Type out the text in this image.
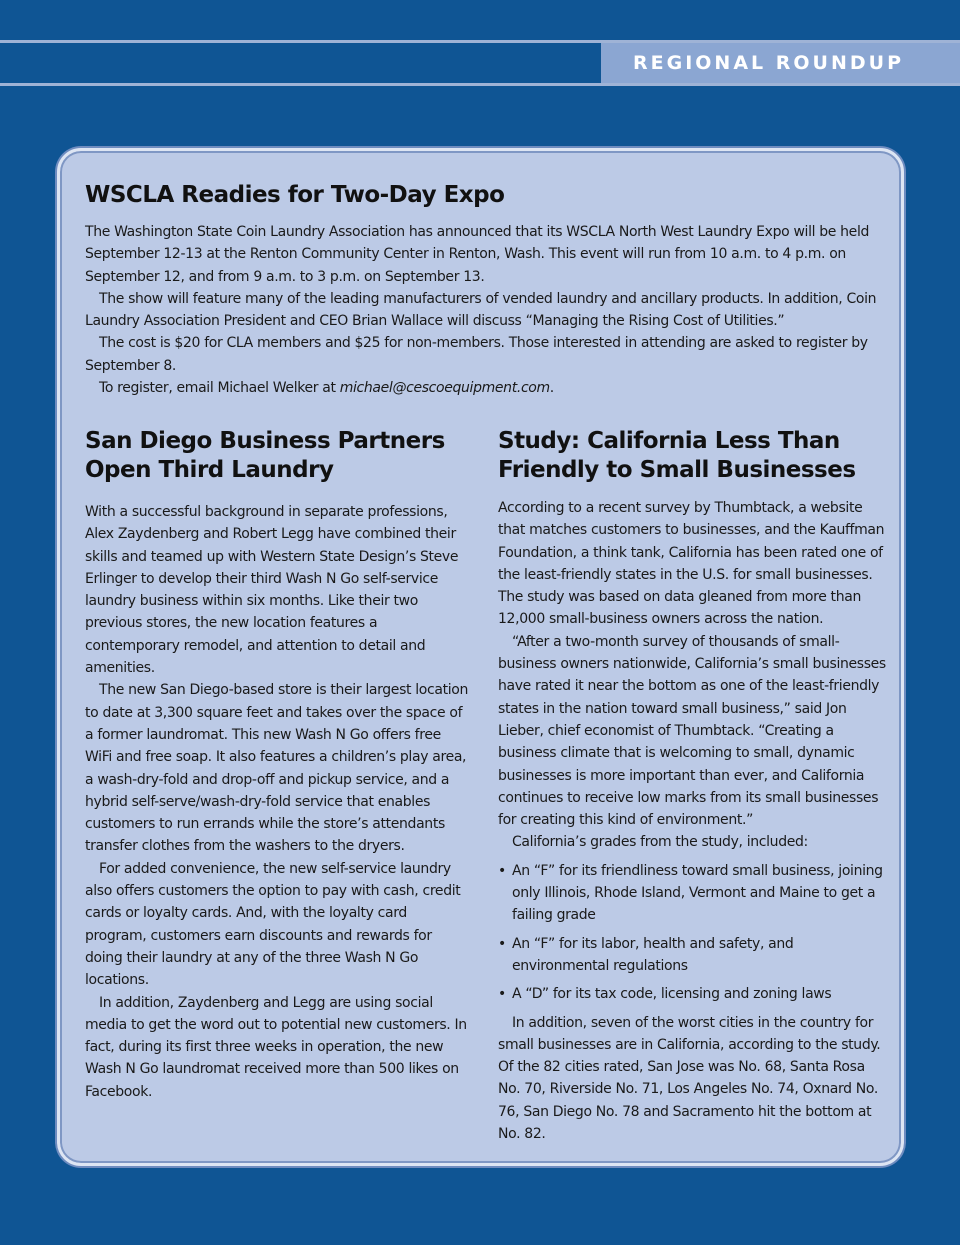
REGIONAL ROUNDUP
WSCLA Readies for Two-Day Expo

The Washington State Coin Laundry Association has announced that its WSCLA North West Laundry Expo will be held September 12-13 at the Renton Community Center in Renton, Wash. This event will run from 10 a.m. to 4 p.m. on September 12, and from 9 a.m. to 3 p.m. on September 13.

The show will feature many of the leading manufacturers of vended laundry and ancillary products. In addition, Coin Laundry Association President and CEO Brian Wallace will discuss “Managing the Rising Cost of Utilities.”

The cost is $20 for CLA members and $25 for non-members. Those interested in attending are asked to register by September 8.

To register, email Michael Welker at michael@cescoequipment.com.

San Diego Business Partners Open Third Laundry

With a successful background in separate professions, Alex Zaydenberg and Robert Legg have combined their skills and teamed up with Western State Design’s Steve Erlinger to develop their third Wash N Go self-service laundry business within six months. Like their two previous stores, the new location features a contemporary remodel, and attention to detail and amenities.

The new San Diego-based store is their largest location to date at 3,300 square feet and takes over the space of a former laundromat. This new Wash N Go offers free WiFi and free soap. It also features a children’s play area, a wash-dry-fold and drop-off and pickup service, and a hybrid self-serve/wash-dry-fold service that enables customers to run errands while the store’s attendants transfer clothes from the washers to the dryers.

For added convenience, the new self-service laundry also offers customers the option to pay with cash, credit cards or loyalty cards. And, with the loyalty card program, customers earn discounts and rewards for doing their laundry at any of the three Wash N Go locations.

In addition, Zaydenberg and Legg are using social media to get the word out to potential new customers. In fact, during its first three weeks in operation, the new Wash N Go laundromat received more than 500 likes on Facebook.

Study: California Less Than Friendly to Small Businesses

According to a recent survey by Thumbtack, a website that matches customers to businesses, and the Kauffman Foundation, a think tank, California has been rated one of the least-friendly states in the U.S. for small businesses. The study was based on data gleaned from more than 12,000 small-business owners across the nation.

“After a two-month survey of thousands of small-business owners nationwide, California’s small businesses have rated it near the bottom as one of the least-friendly states in the nation toward small business,” said Jon Lieber, chief economist of Thumbtack. “Creating a business climate that is welcoming to small, dynamic businesses is more important than ever, and California continues to receive low marks from its small businesses for creating this kind of environment.”

California’s grades from the study, included:

• An “F” for its friendliness toward small business, joining only Illinois, Rhode Island, Vermont and Maine to get a failing grade
• An “F” for its labor, health and safety, and environmental regulations
• A “D” for its tax code, licensing and zoning laws

In addition, seven of the worst cities in the country for small businesses are in California, according to the study. Of the 82 cities rated, San Jose was No. 68, Santa Rosa No. 70, Riverside No. 71, Los Angeles No. 74, Oxnard No. 76, San Diego No. 78 and Sacramento hit the bottom at No. 82.
